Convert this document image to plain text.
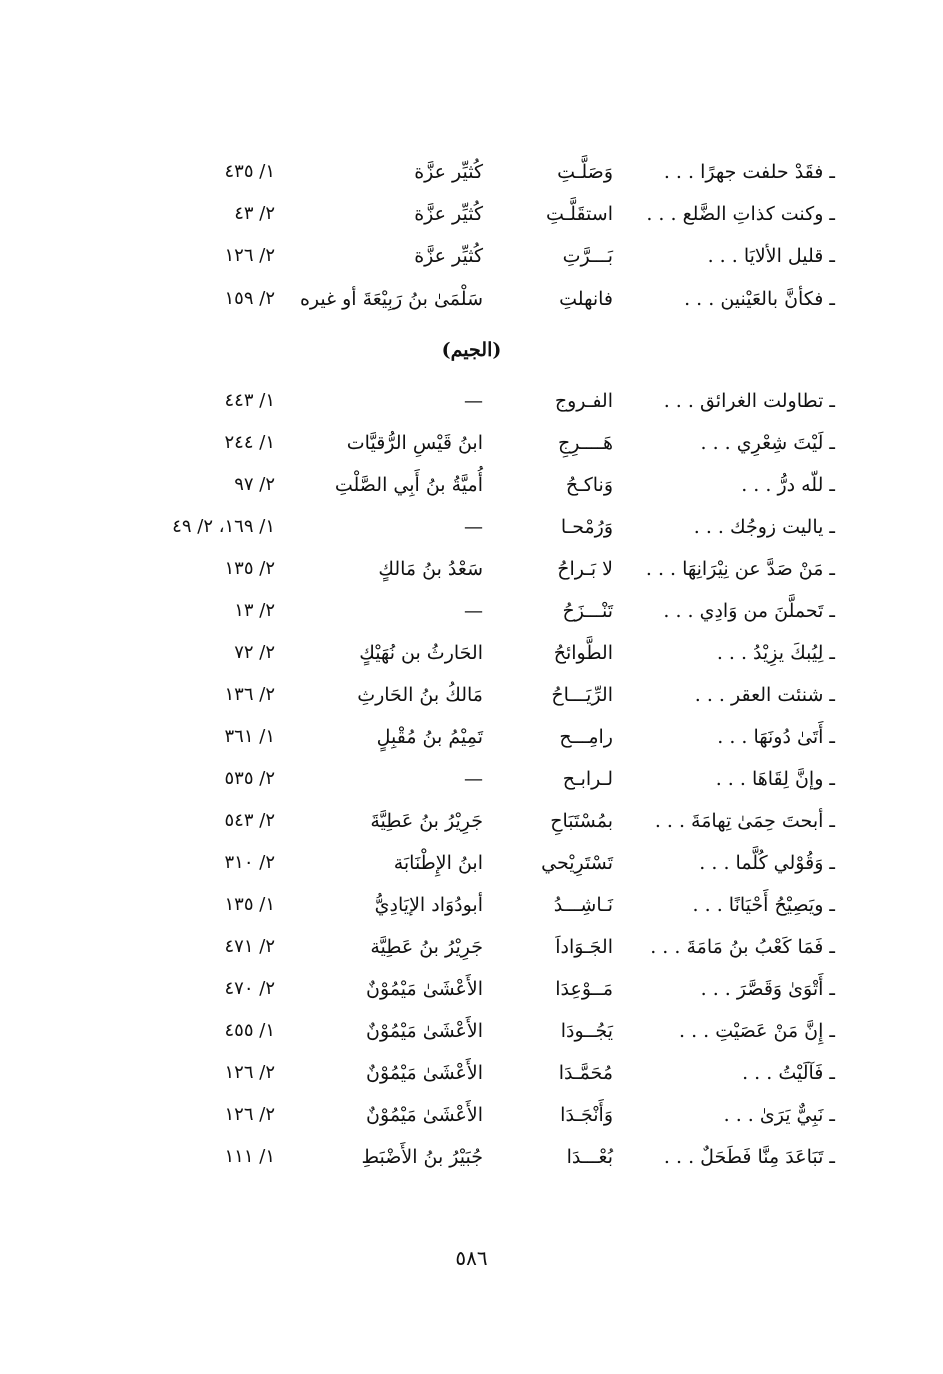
ـ فقَدْ حلفت جهرًا . . .
وَصَلَّـتِ
كُثيِّر عزَّة
١/ ٤٣٥
ـ وكنت كذاتِ الضَّلع . . .
استقَلَّـتِ
كُثيِّر عزَّة
٢/ ٤٣
ـ قليل الألايَا . . .
بَـــرَّتِ
كُثيِّر عزَّة
٢/ ١٢٦
ـ فكأنَّ بالعَيْنين . . .
فانهلتِ
سَلْمَىٰ بنُ رَبِيْعَةَ أو غيره
٢/ ١٥٩
(الجيم)
ـ تطاولت الغرائق . . .
الفـروج
—
١/ ٤٤٣
ـ لَيْتَ شِعْرِي . . .
هَــــرِجِ
ابنُ قَيْسِ الرُّقيَّات
١/ ٢٤٤
ـ للّه درُّ . . .
وَناكـحُ
أُميَّةُ بنُ أَبِي الصَّلْتِ
٢/ ٩٧
ـ ياليت زوجُك . . .
وَرُمْحـا
—
١/ ١٦٩، ٢/ ٤٩
ـ مَنْ صَدَّ عن نِيْرَانِهَا . . .
لا بَـراحُ
سَعْدُ بنُ مَالكٍ
٢/ ١٣٥
ـ تَحملَّنَ من وَادِي . . .
تَنْـــزَحُ
—
٢/ ١٣
ـ لِيُبكَ يزِيْدُ . . .
الطَّوائحُ
الحَارثُ بن نُهَيْكٍ
٢/ ٧٢
ـ شنئت العقر . . .
الرِّيَـــاحُ
مَالكُ بنُ الحَارثِ
٢/ ١٣٦
ـ أَتَىٰ دُونَهَا . . .
رامِـــح
تَمِيْمُ بنُ مُقْبِلٍ
١/ ٣٦١
ـ وإنَّ لِقَاهَا . . .
لـرابـح
—
٢/ ٥٣٥
ـ أبحتَ حِمَىٰ تِهامَةَ . . .
بمُسْتَبَاحِ
جَرِيْرُ بنُ عَطِيَّةَ
٢/ ٥٤٣
ـ وَقُوْلي كُلَّما . . .
تَسْتَرِيْحي
ابنُ الإِطْنَابَة
٢/ ٣١٠
ـ ويَصِيْحُ أَحْيَانًا . . .
نَـاشِـــدُ
أبودُوَاد الإيَادِيُّ
١/ ١٣٥
ـ فَمَا كَعْبُ بنُ مَامَةَ . . .
الجَـوَاداَ
جَرِيْرُ بنُ عَطِيَّة
٢/ ٤٧١
ـ أَتْوَىٰ وَقَصَّرَ . . .
مَــوْعِدَا
الأَعْشَىٰ مَيْمُوْنٌ
٢/ ٤٧٠
ـ إِنَّ مَنْ عَصَيْتِ . . .
يَجُــودَا
الأَعْشَىٰ مَيْمُوْنٌ
١/ ٤٥٥
ـ فَآلَيْتُ . . .
مُحَمَّـدَا
الأَعْشَىٰ مَيْمُوْنٌ
٢/ ١٢٦
ـ نَبِيٌّ يَرَىٰ . . .
وَأَنْجَـدَا
الأَعْشَىٰ مَيْمُوْنٌ
٢/ ١٢٦
ـ تَبَاعَدَ مِنَّا فَطَحَلٌ . . .
بُعْـــدَا
جُبَيْرُ بنُ الأَضْبَطِ
١/ ١١١
٥٨٦
